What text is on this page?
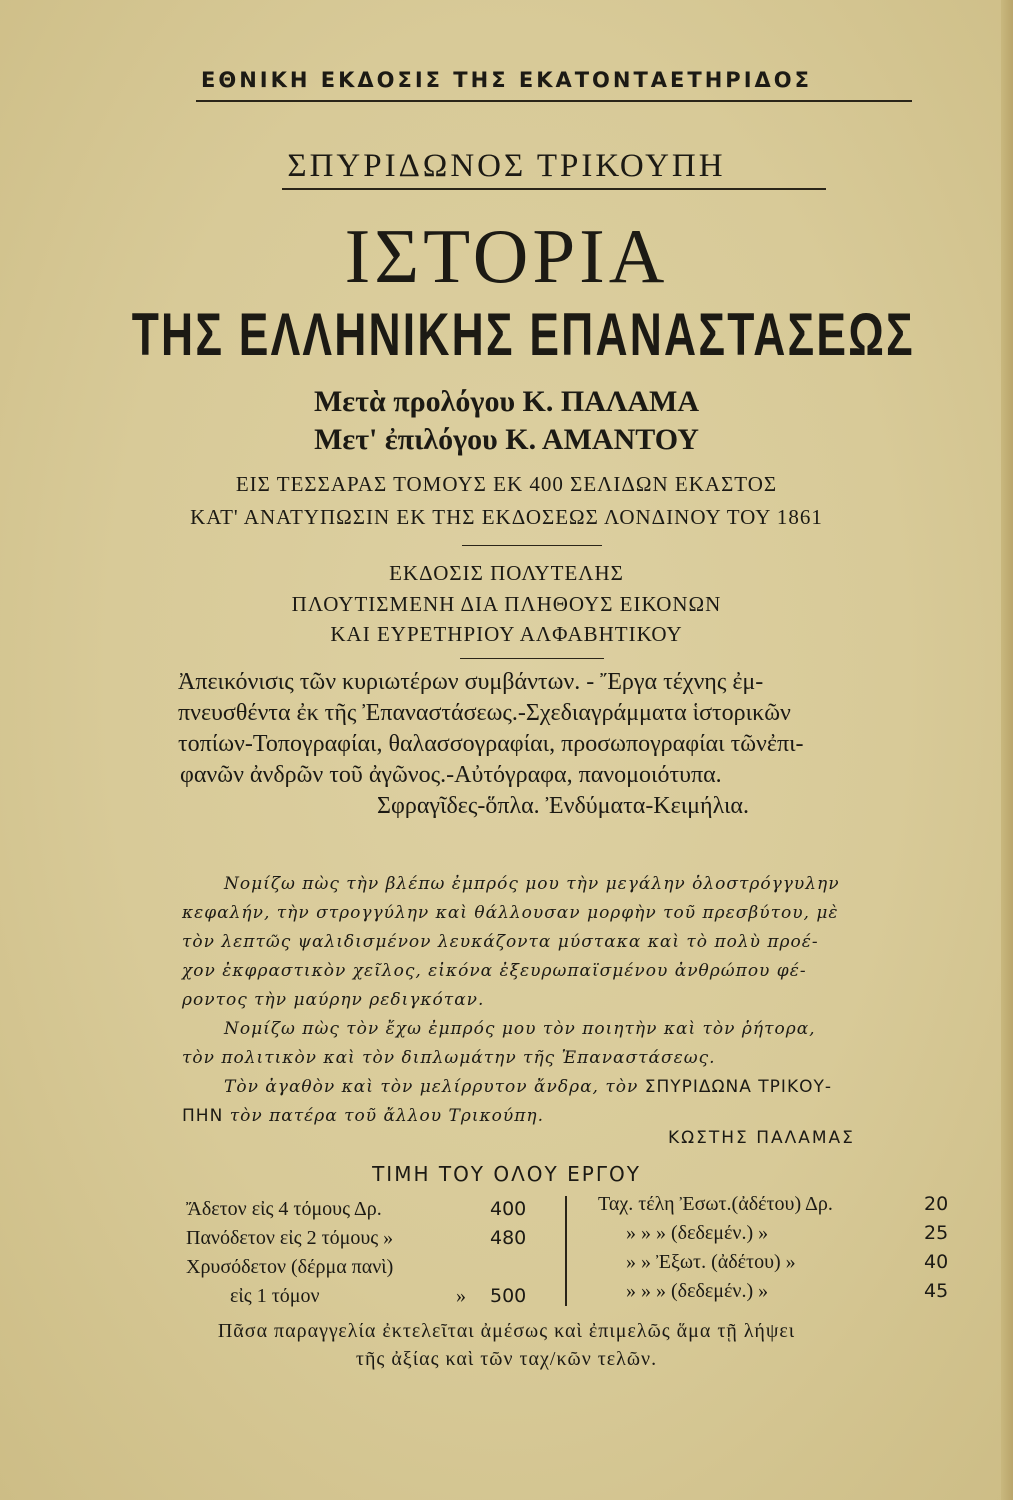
ΕΘΝΙΚΗ ΕΚΔΟΣΙΣ ΤΗΣ ΕΚΑΤΟΝΤΑΕΤΗΡΙΔΟΣ
ΣΠΥΡΙΔΩΝΟΣ ΤΡΙΚΟΥΠΗ
ΙΣΤΟΡΙΑ
ΤΗΣ ΕΛΛΗΝΙΚΗΣ ΕΠΑΝΑΣΤΑΣΕΩΣ
Μετὰ προλόγου Κ. ΠΑΛΑΜΑ
Μετ' ἐπιλόγου Κ. ΑΜΑΝΤΟΥ
ΕΙΣ ΤΕΣΣΑΡΑΣ ΤΟΜΟΥΣ ΕΚ 400 ΣΕΛΙΔΩΝ ΕΚΑΣΤΟΣ
ΚΑΤ' ΑΝΑΤΥΠΩΣΙΝ ΕΚ ΤΗΣ ΕΚΔΟΣΕΩΣ ΛΟΝΔΙΝΟΥ ΤΟΥ 1861
ΕΚΔΟΣΙΣ ΠΟΛΥΤΕΛΗΣ
ΠΛΟΥΤΙΣΜΕΝΗ ΔΙΑ ΠΛΗΘΟΥΣ ΕΙΚΟΝΩΝ
ΚΑΙ ΕΥΡΕΤΗΡΙΟΥ ΑΛΦΑΒΗΤΙΚΟΥ
Ἀπεικόνισις τῶν κυριωτέρων συμβάντων. - Ἔργα τέχνης ἐμ-
πνευσθέντα ἐκ τῆς Ἐπαναστάσεως.-Σχεδιαγράμματα ἱστορικῶν
τοπίων-Τοπογραφίαι, θαλασσογραφίαι, προσωπογραφίαι τῶνἐπι-
φανῶν ἀνδρῶν τοῦ ἀγῶνος.-Αὐτόγραφα, πανομοιότυπα.
Σφραγῖδες-ὅπλα. Ἐνδύματα-Κειμήλια.
Νομίζω πὼς τὴν βλέπω ἐμπρός μου τὴν μεγάλην ὁλοστρόγγυλην
κεφαλήν, τὴν στρογγύλην καὶ θάλλουσαν μορφὴν τοῦ πρεσβύτου, μὲ
τὸν λεπτῶς ψαλιδισμένον λευκάζοντα μύστακα καὶ τὸ πολὺ προέ-
χον ἐκφραστικὸν χεῖλος, εἰκόνα ἐξευρωπαϊσμένου ἀνθρώπου φέ-
ροντος τὴν μαύρην ρεδιγκόταν.
Νομίζω πὼς τὸν ἔχω ἐμπρός μου τὸν ποιητὴν καὶ τὸν ῥήτορα,
τὸν πολιτικὸν καὶ τὸν διπλωμάτην τῆς Ἐπαναστάσεως.
Τὸν ἀγαθὸν καὶ τὸν μελίρρυτον ἄνδρα, τὸν ΣΠΥΡΙΔΩΝΑ ΤΡΙΚΟΥ-
ΠΗΝ τὸν πατέρα τοῦ ἄλλου Τρικούπη.
ΚΩΣΤΗΣ ΠΑΛΑΜΑΣ
ΤΙΜΗ ΤΟΥ ΟΛΟΥ ΕΡΓΟΥ
Ἄδετον εἰς 4 τόμους Δρ.	400
Πανόδετον εἰς 2 τόμους »	480
Χρυσόδετον (δέρμα πανὶ)
εἰς 1 τόμον	» 500
Ταχ. τέλη Ἐσωτ.(ἀδέτου) Δρ.	20
» » » (δεδεμέν.) »	25
» » Ἐξωτ. (ἀδέτου) »	40
» » » (δεδεμέν.) »	45
Πᾶσα παραγγελία ἐκτελεῖται ἀμέσως καὶ ἐπιμελῶς ἅμα τῇ λήψει
τῆς ἀξίας καὶ τῶν ταχ/κῶν τελῶν.
